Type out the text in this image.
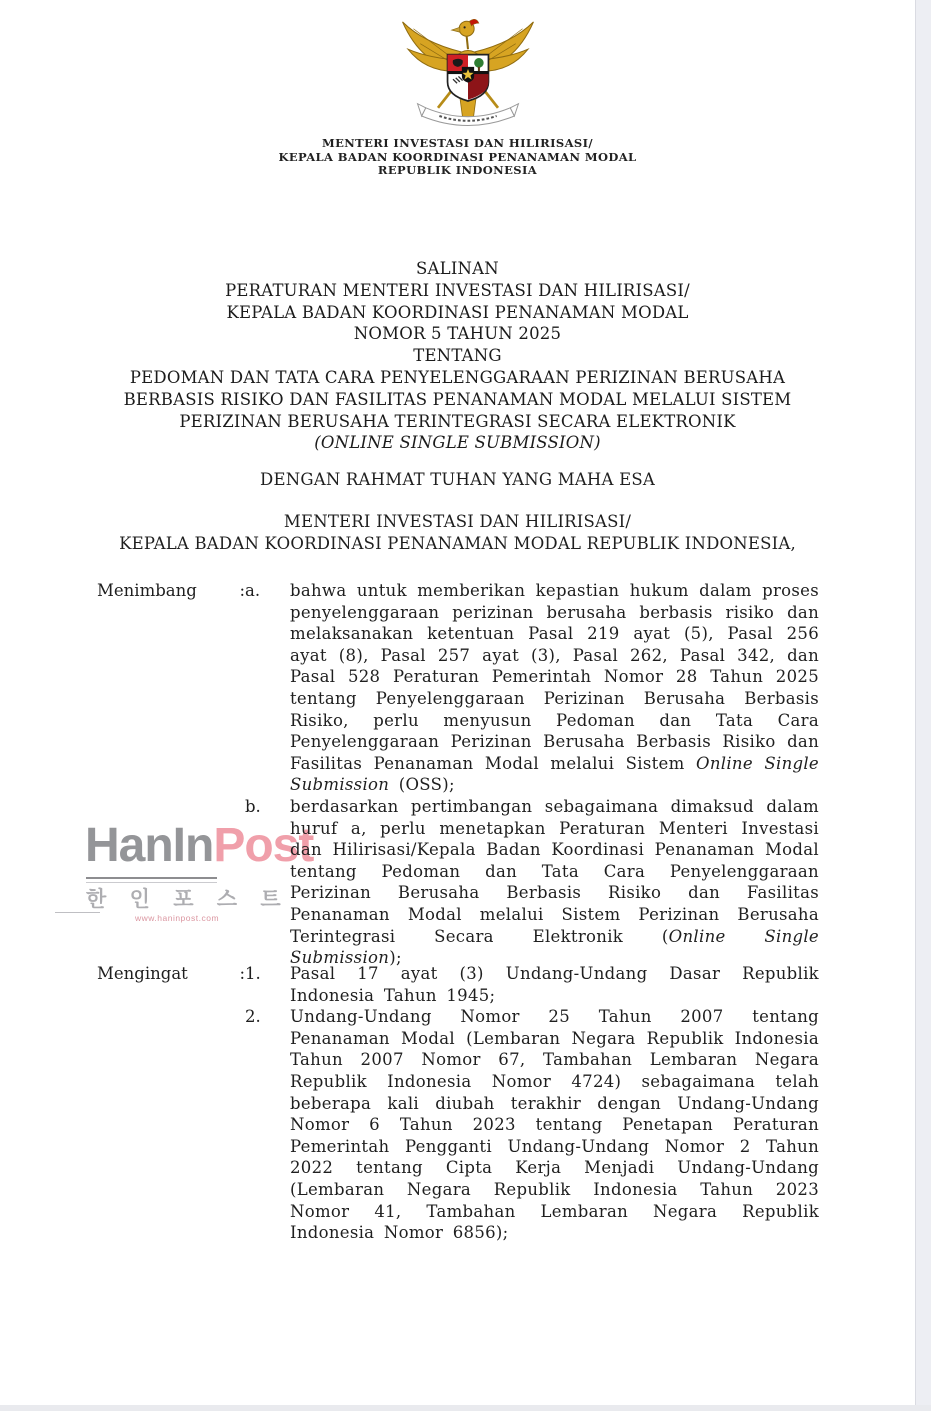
HanInPost
한 인 포 스 트
www.haninpost.com
MENTERI INVESTASI DAN HILIRISASI/
KEPALA BADAN KOORDINASI PENANAMAN MODAL
REPUBLIK INDONESIA
SALINAN
PERATURAN MENTERI INVESTASI DAN HILIRISASI/
KEPALA BADAN KOORDINASI PENANAMAN MODAL
NOMOR 5 TAHUN 2025
TENTANG
PEDOMAN DAN TATA CARA PENYELENGGARAAN PERIZINAN BERUSAHA
BERBASIS RISIKO DAN FASILITAS PENANAMAN MODAL MELALUI SISTEM
PERIZINAN BERUSAHA TERINTEGRASI SECARA ELEKTRONIK
(ONLINE SINGLE SUBMISSION)
DENGAN RAHMAT TUHAN YANG MAHA ESA
MENTERI INVESTASI DAN HILIRISASI/
KEPALA BADAN KOORDINASI PENANAMAN MODAL REPUBLIK INDONESIA,
Menimbang	: a.	bahwa untuk memberikan kepastian hukum dalam proses penyelenggaraan perizinan berusaha berbasis risiko dan melaksanakan ketentuan Pasal 219 ayat (5), Pasal 256 ayat (8), Pasal 257 ayat (3), Pasal 262, Pasal 342, dan Pasal 528 Peraturan Pemerintah Nomor 28 Tahun 2025 tentang Penyelenggaraan Perizinan Berusaha Berbasis Risiko, perlu menyusun Pedoman dan Tata Cara Penyelenggaraan Perizinan Berusaha Berbasis Risiko dan Fasilitas Penanaman Modal melalui Sistem Online Single Submission (OSS);
b.	berdasarkan pertimbangan sebagaimana dimaksud dalam huruf a, perlu menetapkan Peraturan Menteri Investasi dan Hilirisasi/Kepala Badan Koordinasi Penanaman Modal tentang Pedoman dan Tata Cara Penyelenggaraan Perizinan Berusaha Berbasis Risiko dan Fasilitas Penanaman Modal melalui Sistem Perizinan Berusaha Terintegrasi Secara Elektronik (Online Single Submission);
Mengingat	: 1.	Pasal 17 ayat (3) Undang-Undang Dasar Republik Indonesia Tahun 1945;
2.	Undang-Undang Nomor 25 Tahun 2007 tentang Penanaman Modal (Lembaran Negara Republik Indonesia Tahun 2007 Nomor 67, Tambahan Lembaran Negara Republik Indonesia Nomor 4724) sebagaimana telah beberapa kali diubah terakhir dengan Undang-Undang Nomor 6 Tahun 2023 tentang Penetapan Peraturan Pemerintah Pengganti Undang-Undang Nomor 2 Tahun 2022 tentang Cipta Kerja Menjadi Undang-Undang (Lembaran Negara Republik Indonesia Tahun 2023 Nomor 41, Tambahan Lembaran Negara Republik Indonesia Nomor 6856);
